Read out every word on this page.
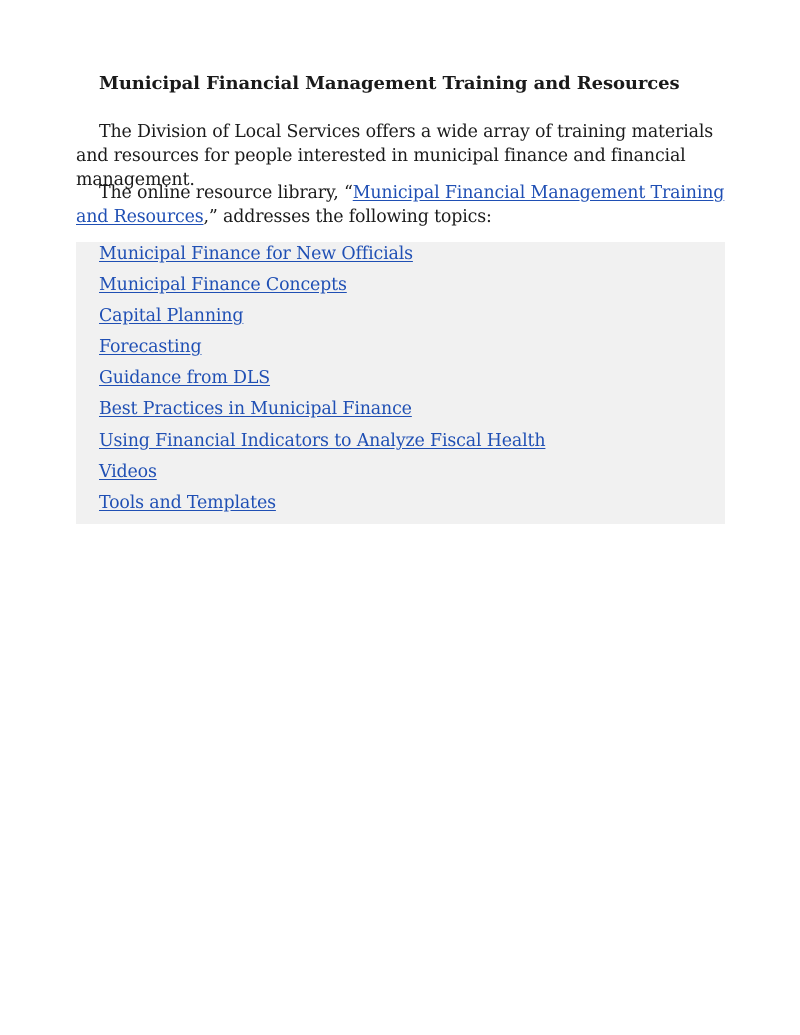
Municipal Financial Management Training and Resources

The Division of Local Services offers a wide array of training materials and resources for people interested in municipal finance and financial management.

The online resource library, “Municipal Financial Management Training and Resources,” addresses the following topics:

Municipal Finance for New Officials
Municipal Finance Concepts
Capital Planning
Forecasting
Guidance from DLS
Best Practices in Municipal Finance
Using Financial Indicators to Analyze Fiscal Health
Videos
Tools and Templates
